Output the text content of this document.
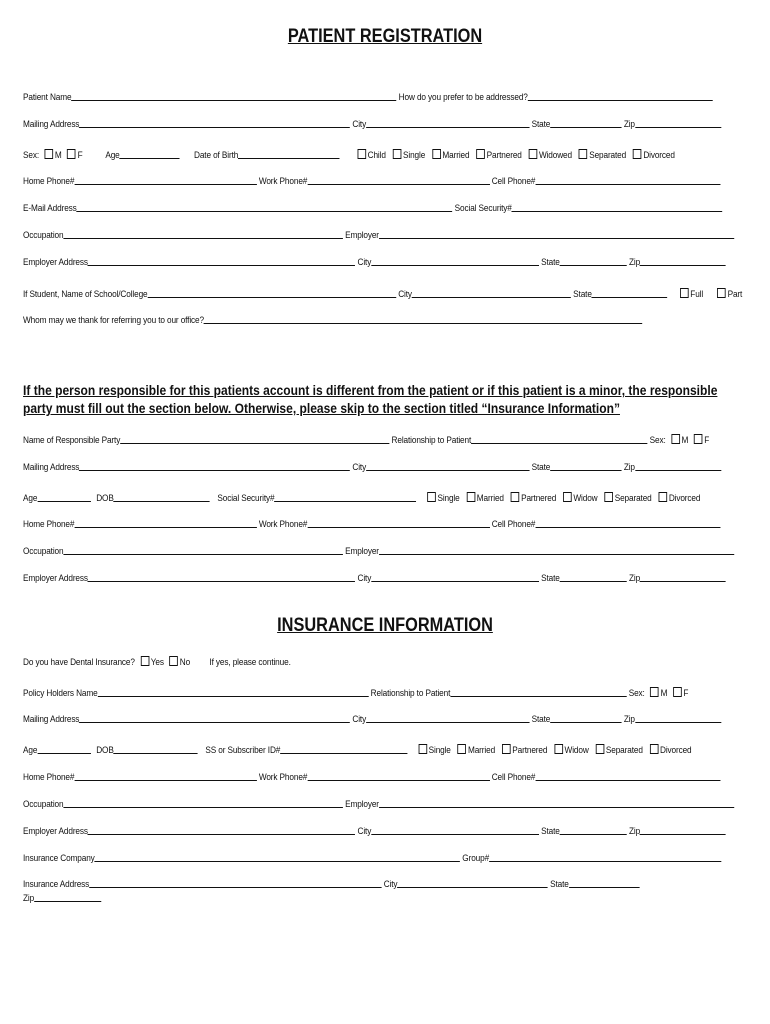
PATIENT REGISTRATION
Patient Name	How do you prefer to be addressed?
Mailing Address	City	State	Zip
Sex: M F Age	Date of Birth	Child Single Married Partnered Widowed Separated Divorced
Home Phone#	Work Phone#	Cell Phone#
E-Mail Address	Social Security#
Occupation	Employer
Employer Address	City	State	Zip
If Student, Name of School/College	City	State	Full	Part
Whom may we thank for referring you to our office?
If the person responsible for this patients account is different from the patient or if this patient is a minor, the responsible
party must fill out the section below. Otherwise, please skip to the section titled “Insurance Information”
Name of Responsible Party	Relationship to Patient	Sex: M F
Mailing Address	City	State	Zip
Age	DOB	Social Security#	Single Married Partnered Widow Separated Divorced
Home Phone#	Work Phone#	Cell Phone#
Occupation	Employer
Employer Address	City	State	Zip
INSURANCE INFORMATION
Do you have Dental Insurance? Yes No If yes, please continue.
Policy Holders Name	Relationship to Patient	Sex: M F
Mailing Address	City	State	Zip
Age	DOB	SS or Subscriber ID#	Single Married Partnered Widow Separated Divorced
Home Phone#	Work Phone#	Cell Phone#
Occupation	Employer
Employer Address	City	State	Zip
Insurance Company	Group#
Insurance Address	City	State
Zip
